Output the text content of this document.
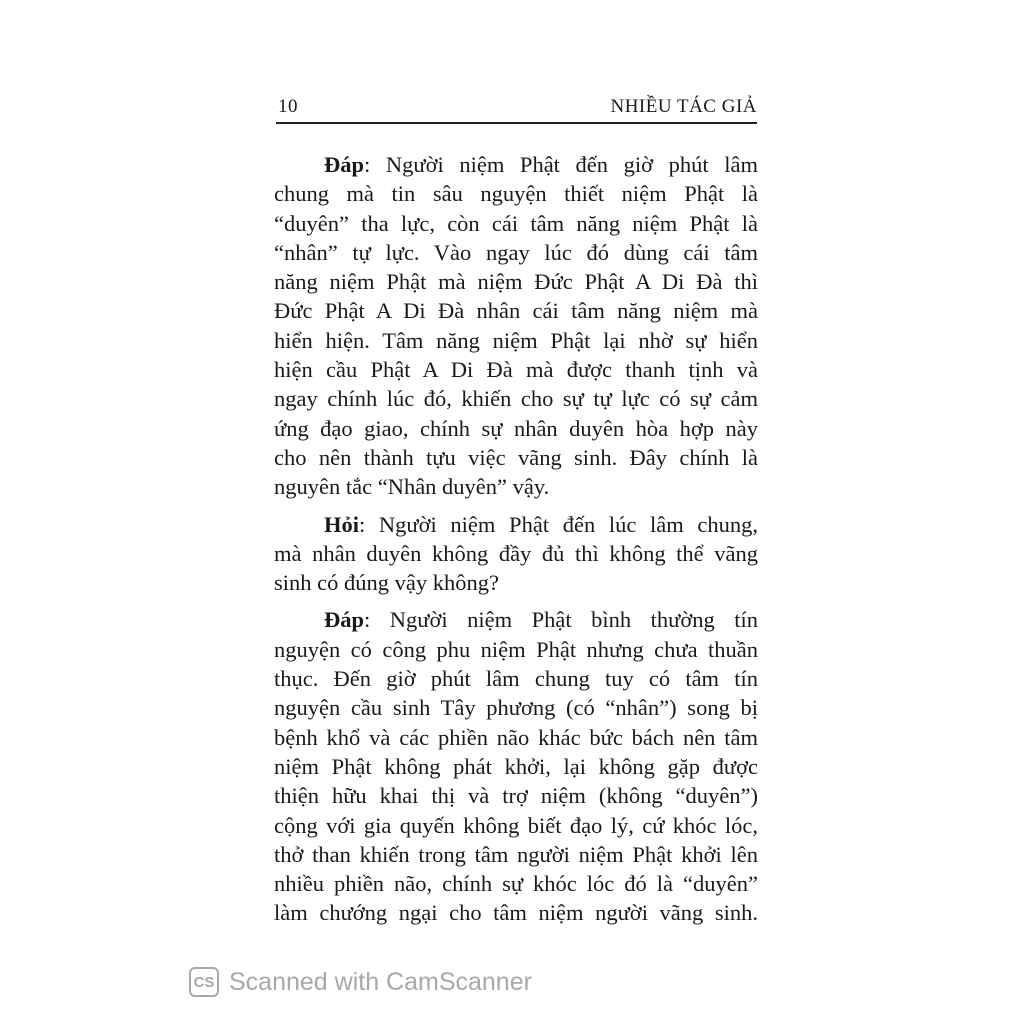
10	NHIỀU TÁC GIẢ
Đáp: Người niệm Phật đến giờ phút lâm
chung mà tin sâu nguyện thiết niệm Phật là
“duyên” tha lực, còn cái tâm năng niệm Phật là
“nhân” tự lực. Vào ngay lúc đó dùng cái tâm
năng niệm Phật mà niệm Đức Phật A Di Đà thì
Đức Phật A Di Đà nhân cái tâm năng niệm mà
hiển hiện. Tâm năng niệm Phật lại nhờ sự hiển
hiện cầu Phật A Di Đà mà được thanh tịnh và
ngay chính lúc đó, khiến cho sự tự lực có sự cảm
ứng đạo giao, chính sự nhân duyên hòa hợp này
cho nên thành tựu việc vãng sinh. Đây chính là
nguyên tắc “Nhân duyên” vậy.
Hỏi: Người niệm Phật đến lúc lâm chung,
mà nhân duyên không đầy đủ thì không thể vãng
sinh có đúng vậy không?
Đáp: Người niệm Phật bình thường tín
nguyện có công phu niệm Phật nhưng chưa thuần
thục. Đến giờ phút lâm chung tuy có tâm tín
nguyện cầu sinh Tây phương (có “nhân”) song bị
bệnh khổ và các phiền não khác bức bách nên tâm
niệm Phật không phát khởi, lại không gặp được
thiện hữu khai thị và trợ niệm (không “duyên”)
cộng với gia quyến không biết đạo lý, cứ khóc lóc,
thở than khiến trong tâm người niệm Phật khởi lên
nhiều phiền não, chính sự khóc lóc đó là “duyên”
làm chướng ngại cho tâm niệm người vãng sinh.
CS Scanned with CamScanner
